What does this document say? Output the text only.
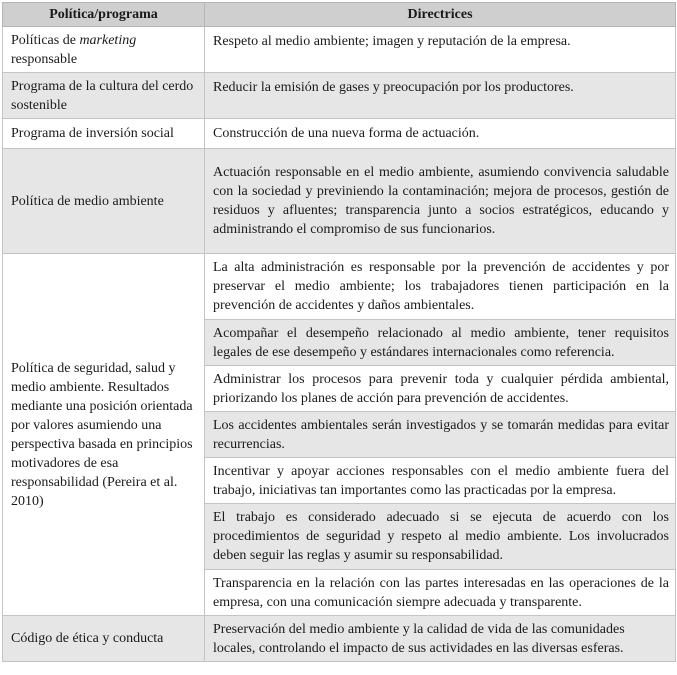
Política/programa	Directrices
Políticas de marketing responsable	Respeto al medio ambiente; imagen y reputación de la empresa.
Programa de la cultura del cerdo sostenible	Reducir la emisión de gases y preocupación por los productores.
Programa de inversión social	Construcción de una nueva forma de actuación.
Política de medio ambiente	Actuación responsable en el medio ambiente, asumiendo convivencia saludable con la sociedad y previniendo la contaminación; mejora de procesos, gestión de residuos y afluentes; transparencia junto a socios estratégicos, educando y administrando el compromiso de sus funcionarios.
Política de seguridad, salud y medio ambiente. Resultados mediante una posición orientada por valores asumiendo una perspectiva basada en principios motivadores de esa responsabilidad (Pereira et al. 2010)	La alta administración es responsable por la prevención de accidentes y por preservar el medio ambiente; los trabajadores tienen participación en la prevención de accidentes y daños ambientales.
	Acompañar el desempeño relacionado al medio ambiente, tener requisitos legales de ese desempeño y estándares internacionales como referencia.
	Administrar los procesos para prevenir toda y cualquier pérdida ambiental, priorizando los planes de acción para prevención de accidentes.
	Los accidentes ambientales serán investigados y se tomarán medidas para evitar recurrencias.
	Incentivar y apoyar acciones responsables con el medio ambiente fuera del trabajo, iniciativas tan importantes como las practicadas por la empresa.
	El trabajo es considerado adecuado si se ejecuta de acuerdo con los procedimientos de seguridad y respeto al medio ambiente. Los involucrados deben seguir las reglas y asumir su responsabilidad.
	Transparencia en la relación con las partes interesadas en las operaciones de la empresa, con una comunicación siempre adecuada y transparente.
Código de ética y conducta	Preservación del medio ambiente y la calidad de vida de las comunidades locales, controlando el impacto de sus actividades en las diversas esferas.
